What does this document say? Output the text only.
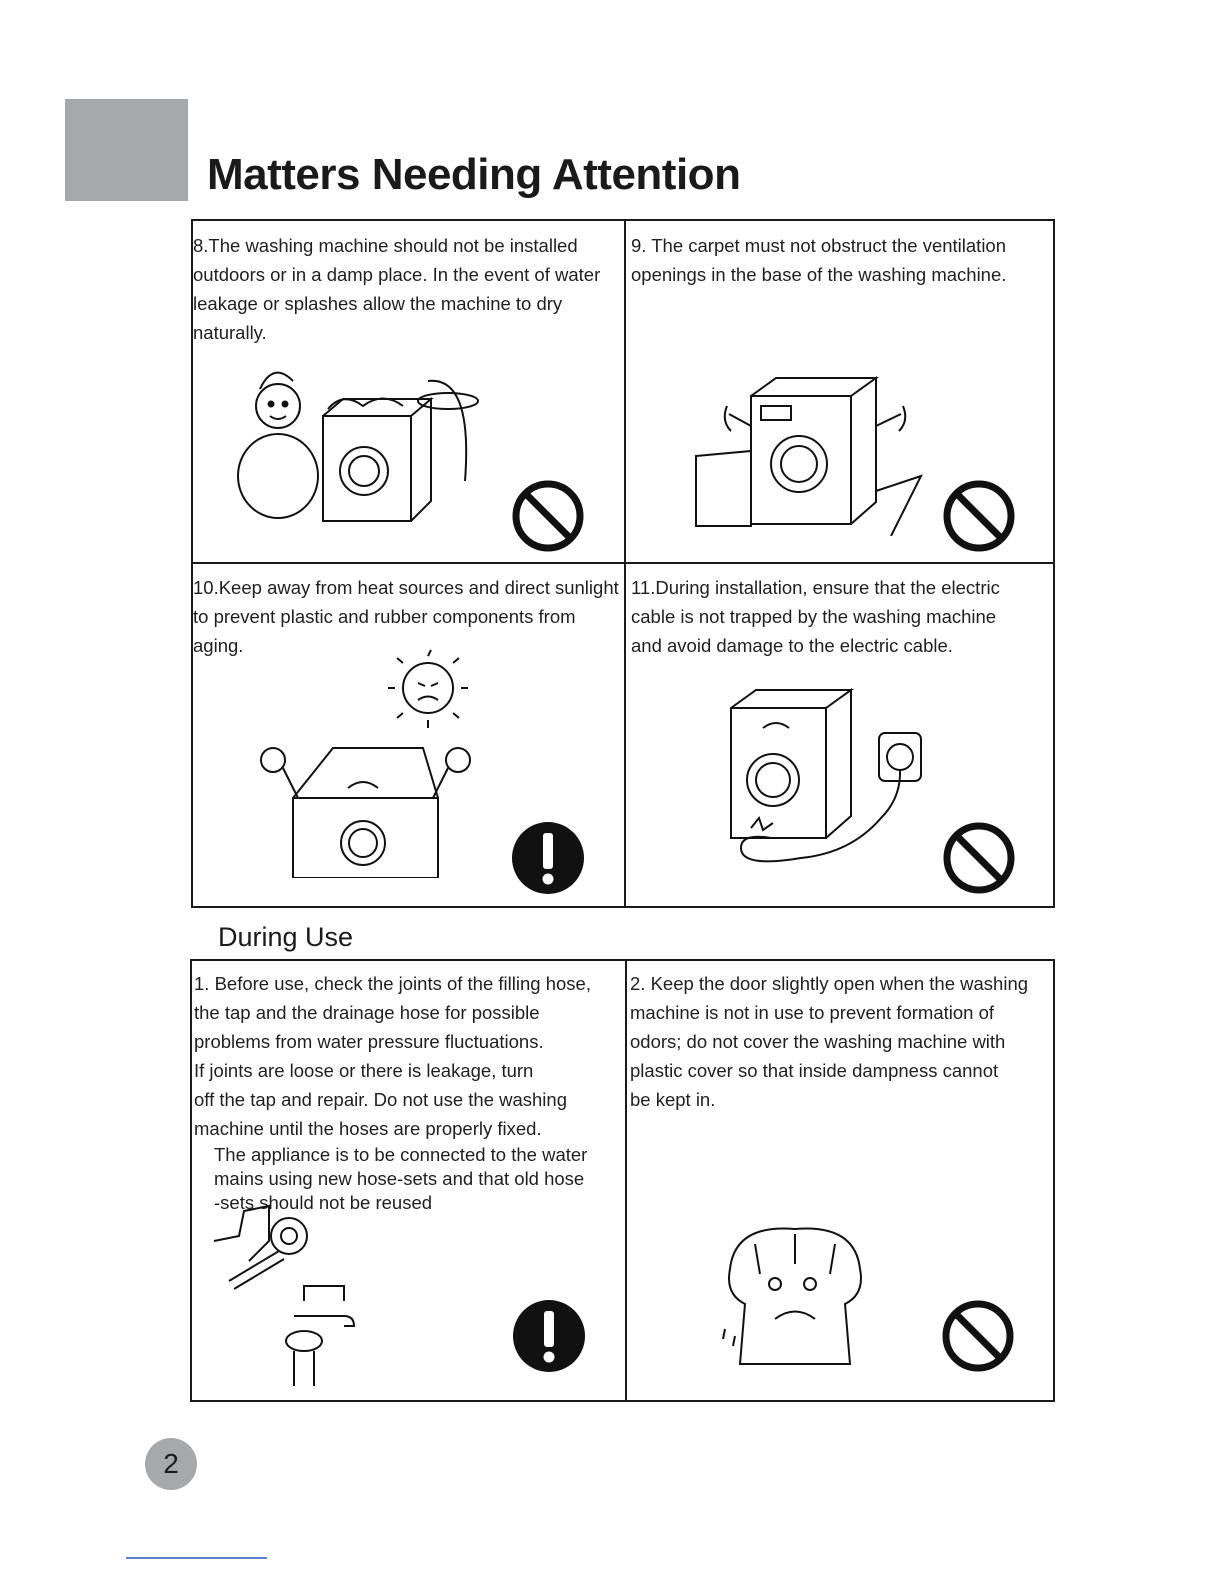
Matters Needing Attention

8.The washing machine should not be installed
outdoors or in a damp place. In the event of water
leakage or splashes allow the machine to dry
naturally.

9. The carpet must not obstruct the ventilation
openings in the base of the washing machine.

10.Keep away from heat sources and direct sunlight
to prevent plastic and rubber components from
aging.

11.During installation, ensure that the electric
cable is not trapped by the washing machine
and avoid damage to the electric cable.

During Use

1. Before use, check the joints of the filling hose,
the tap and the drainage hose for possible
problems from water pressure fluctuations.
If joints are loose or there is leakage, turn
off the tap and repair. Do not use the washing
machine until the hoses are properly fixed.

The appliance is to be connected to the water
mains using new hose-sets and that old hose
-sets should not be reused

2. Keep the door slightly open when the washing
machine is not in use to prevent formation of
odors; do not cover the washing machine with
plastic cover so that inside dampness cannot
be kept in.

2
